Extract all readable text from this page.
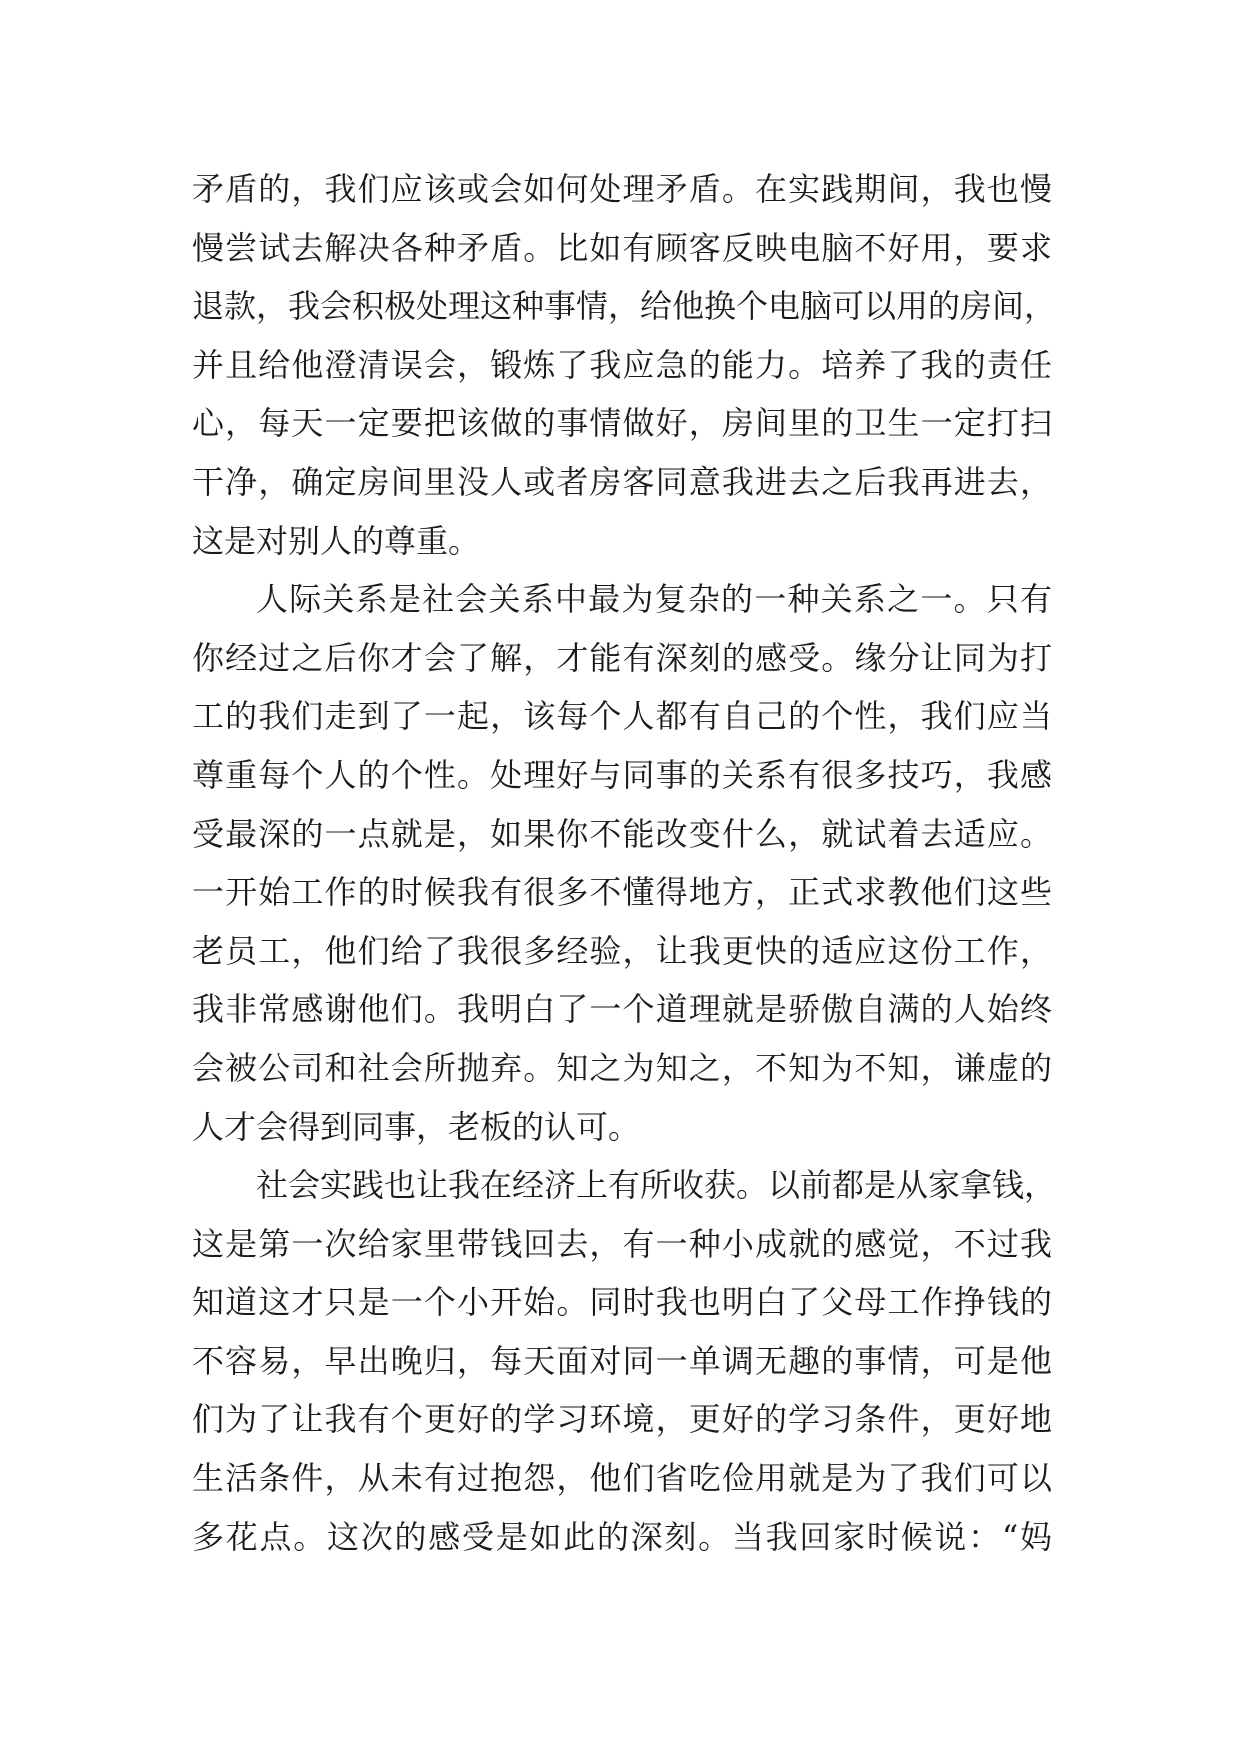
矛盾的，我们应该或会如何处理矛盾。在实践期间，我也慢
慢尝试去解决各种矛盾。比如有顾客反映电脑不好用，要求
退款，我会积极处理这种事情，给他换个电脑可以用的房间，
并且给他澄清误会，锻炼了我应急的能力。培养了我的责任
心，每天一定要把该做的事情做好，房间里的卫生一定打扫
干净，确定房间里没人或者房客同意我进去之后我再进去，
这是对别人的尊重。
人际关系是社会关系中最为复杂的一种关系之一。只有
你经过之后你才会了解，才能有深刻的感受。缘分让同为打
工的我们走到了一起，该每个人都有自己的个性，我们应当
尊重每个人的个性。处理好与同事的关系有很多技巧，我感
受最深的一点就是，如果你不能改变什么，就试着去适应。
一开始工作的时候我有很多不懂得地方，正式求教他们这些
老员工，他们给了我很多经验，让我更快的适应这份工作，
我非常感谢他们。我明白了一个道理就是骄傲自满的人始终
会被公司和社会所抛弃。知之为知之，不知为不知，谦虚的
人才会得到同事，老板的认可。
社会实践也让我在经济上有所收获。以前都是从家拿钱，
这是第一次给家里带钱回去，有一种小成就的感觉，不过我
知道这才只是一个小开始。同时我也明白了父母工作挣钱的
不容易，早出晚归，每天面对同一单调无趣的事情，可是他
们为了让我有个更好的学习环境，更好的学习条件，更好地
生活条件，从未有过抱怨，他们省吃俭用就是为了我们可以
多花点。这次的感受是如此的深刻。当我回家时候说：“妈
